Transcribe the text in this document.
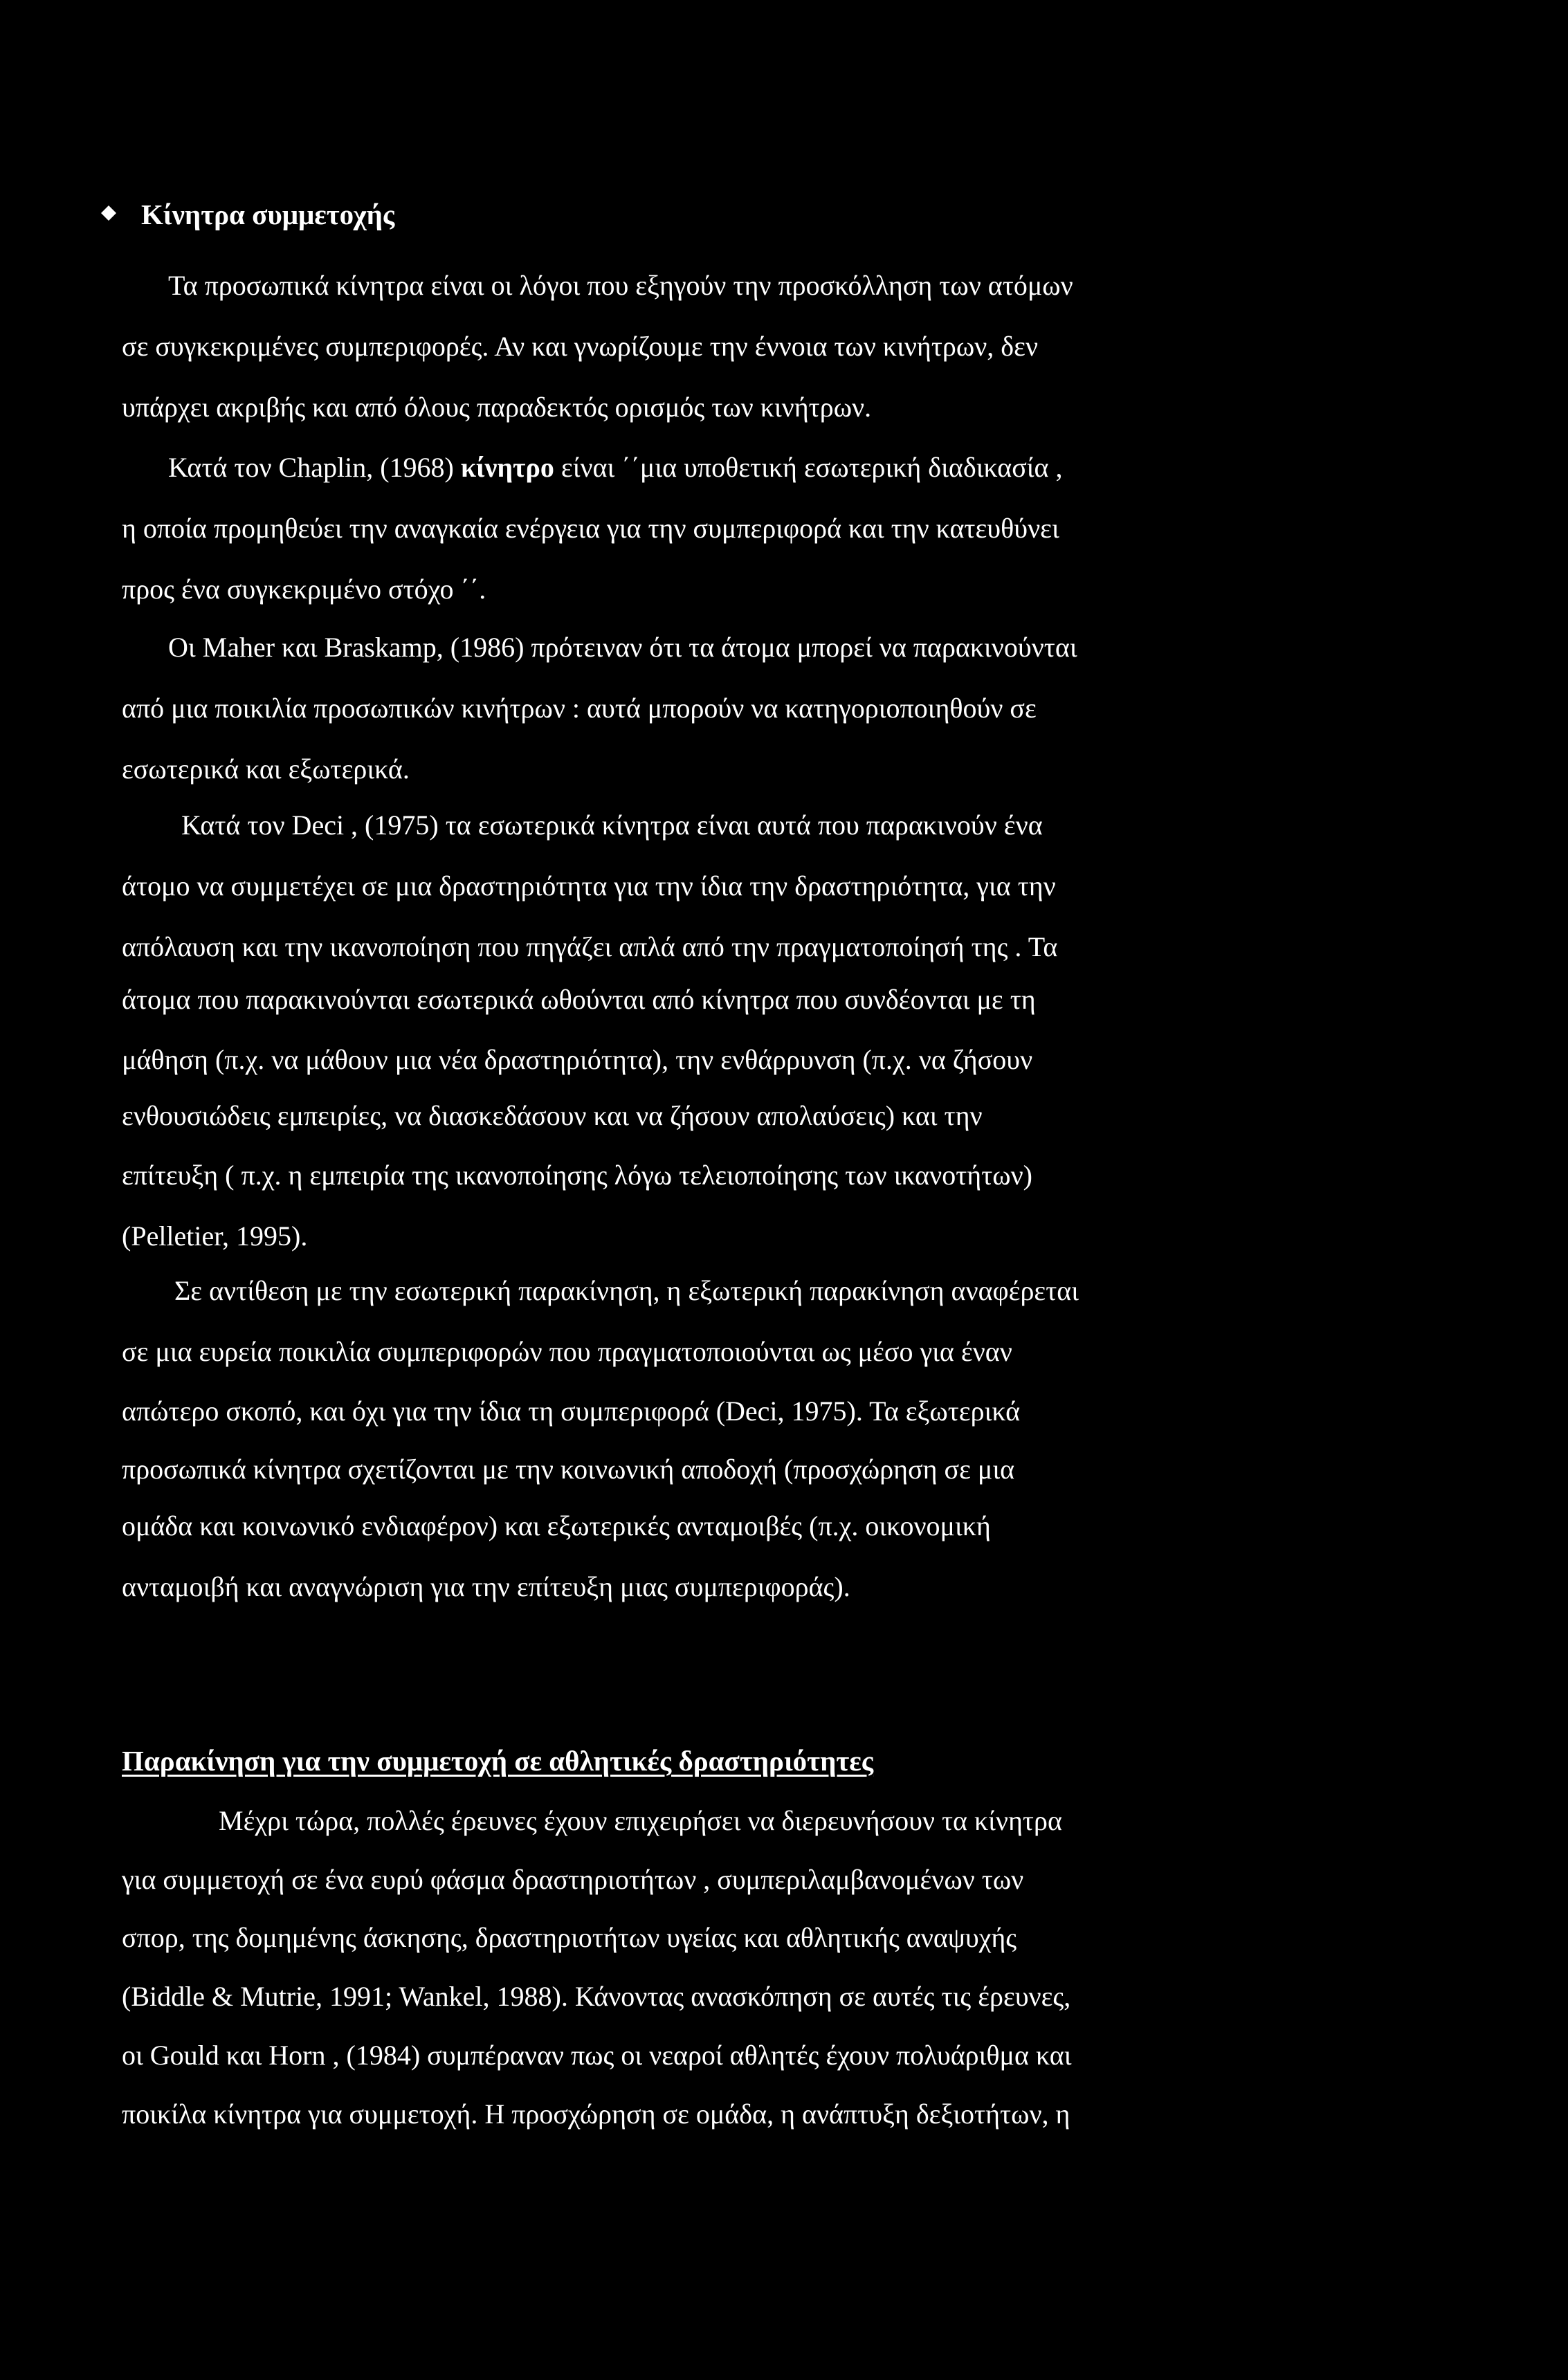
Κίνητρα συμμετοχής
Τα προσωπικά κίνητρα είναι οι λόγοι που εξηγούν την προσκόλληση των ατόμων
σε συγκεκριμένες συμπεριφορές. Αν και γνωρίζουμε την έννοια των κινήτρων, δεν
υπάρχει ακριβής και από όλους παραδεκτός ορισμός των κινήτρων.
Κατά τον Chaplin, (1968) κίνητρο είναι ΄΄μια υποθετική εσωτερική διαδικασία ,
η οποία προμηθεύει την αναγκαία ενέργεια για την συμπεριφορά και την κατευθύνει
προς ένα συγκεκριμένο στόχο ΄΄.
Οι Maher και Braskamp, (1986) πρότειναν ότι τα άτομα μπορεί να παρακινούνται
από μια ποικιλία προσωπικών κινήτρων : αυτά μπορούν να κατηγοριοποιηθούν σε
εσωτερικά και εξωτερικά.
Κατά τον Deci , (1975) τα εσωτερικά κίνητρα είναι αυτά που παρακινούν ένα
άτομο να συμμετέχει σε μια δραστηριότητα για την ίδια την δραστηριότητα, για την
απόλαυση και την ικανοποίηση που πηγάζει απλά από την πραγματοποίησή της . Τα
άτομα που παρακινούνται εσωτερικά ωθούνται από κίνητρα που συνδέονται με τη
μάθηση (π.χ. να μάθουν μια νέα δραστηριότητα), την ενθάρρυνση (π.χ. να ζήσουν
ενθουσιώδεις εμπειρίες, να διασκεδάσουν και να ζήσουν απολαύσεις) και την
επίτευξη ( π.χ. η εμπειρία της ικανοποίησης λόγω τελειοποίησης των ικανοτήτων)
(Pelletier, 1995).
Σε αντίθεση με την εσωτερική παρακίνηση, η εξωτερική παρακίνηση αναφέρεται
σε μια ευρεία ποικιλία συμπεριφορών που πραγματοποιούνται ως μέσο για έναν
απώτερο σκοπό, και όχι για την ίδια τη συμπεριφορά (Deci, 1975). Τα εξωτερικά
προσωπικά κίνητρα σχετίζονται με την κοινωνική αποδοχή (προσχώρηση σε μια
ομάδα και κοινωνικό ενδιαφέρον) και εξωτερικές ανταμοιβές (π.χ. οικονομική
ανταμοιβή και αναγνώριση για την επίτευξη μιας συμπεριφοράς).
Παρακίνηση για την συμμετοχή σε αθλητικές δραστηριότητες
Μέχρι τώρα, πολλές έρευνες έχουν επιχειρήσει να διερευνήσουν τα κίνητρα
για συμμετοχή σε ένα ευρύ φάσμα δραστηριοτήτων , συμπεριλαμβανομένων των
σπορ, της δομημένης άσκησης, δραστηριοτήτων υγείας και αθλητικής αναψυχής
(Biddle & Mutrie, 1991; Wankel, 1988). Κάνοντας ανασκόπηση σε αυτές τις έρευνες,
οι Gould και Horn , (1984) συμπέραναν πως οι νεαροί αθλητές έχουν πολυάριθμα και
ποικίλα κίνητρα για συμμετοχή. Η προσχώρηση σε ομάδα, η ανάπτυξη δεξιοτήτων, η
